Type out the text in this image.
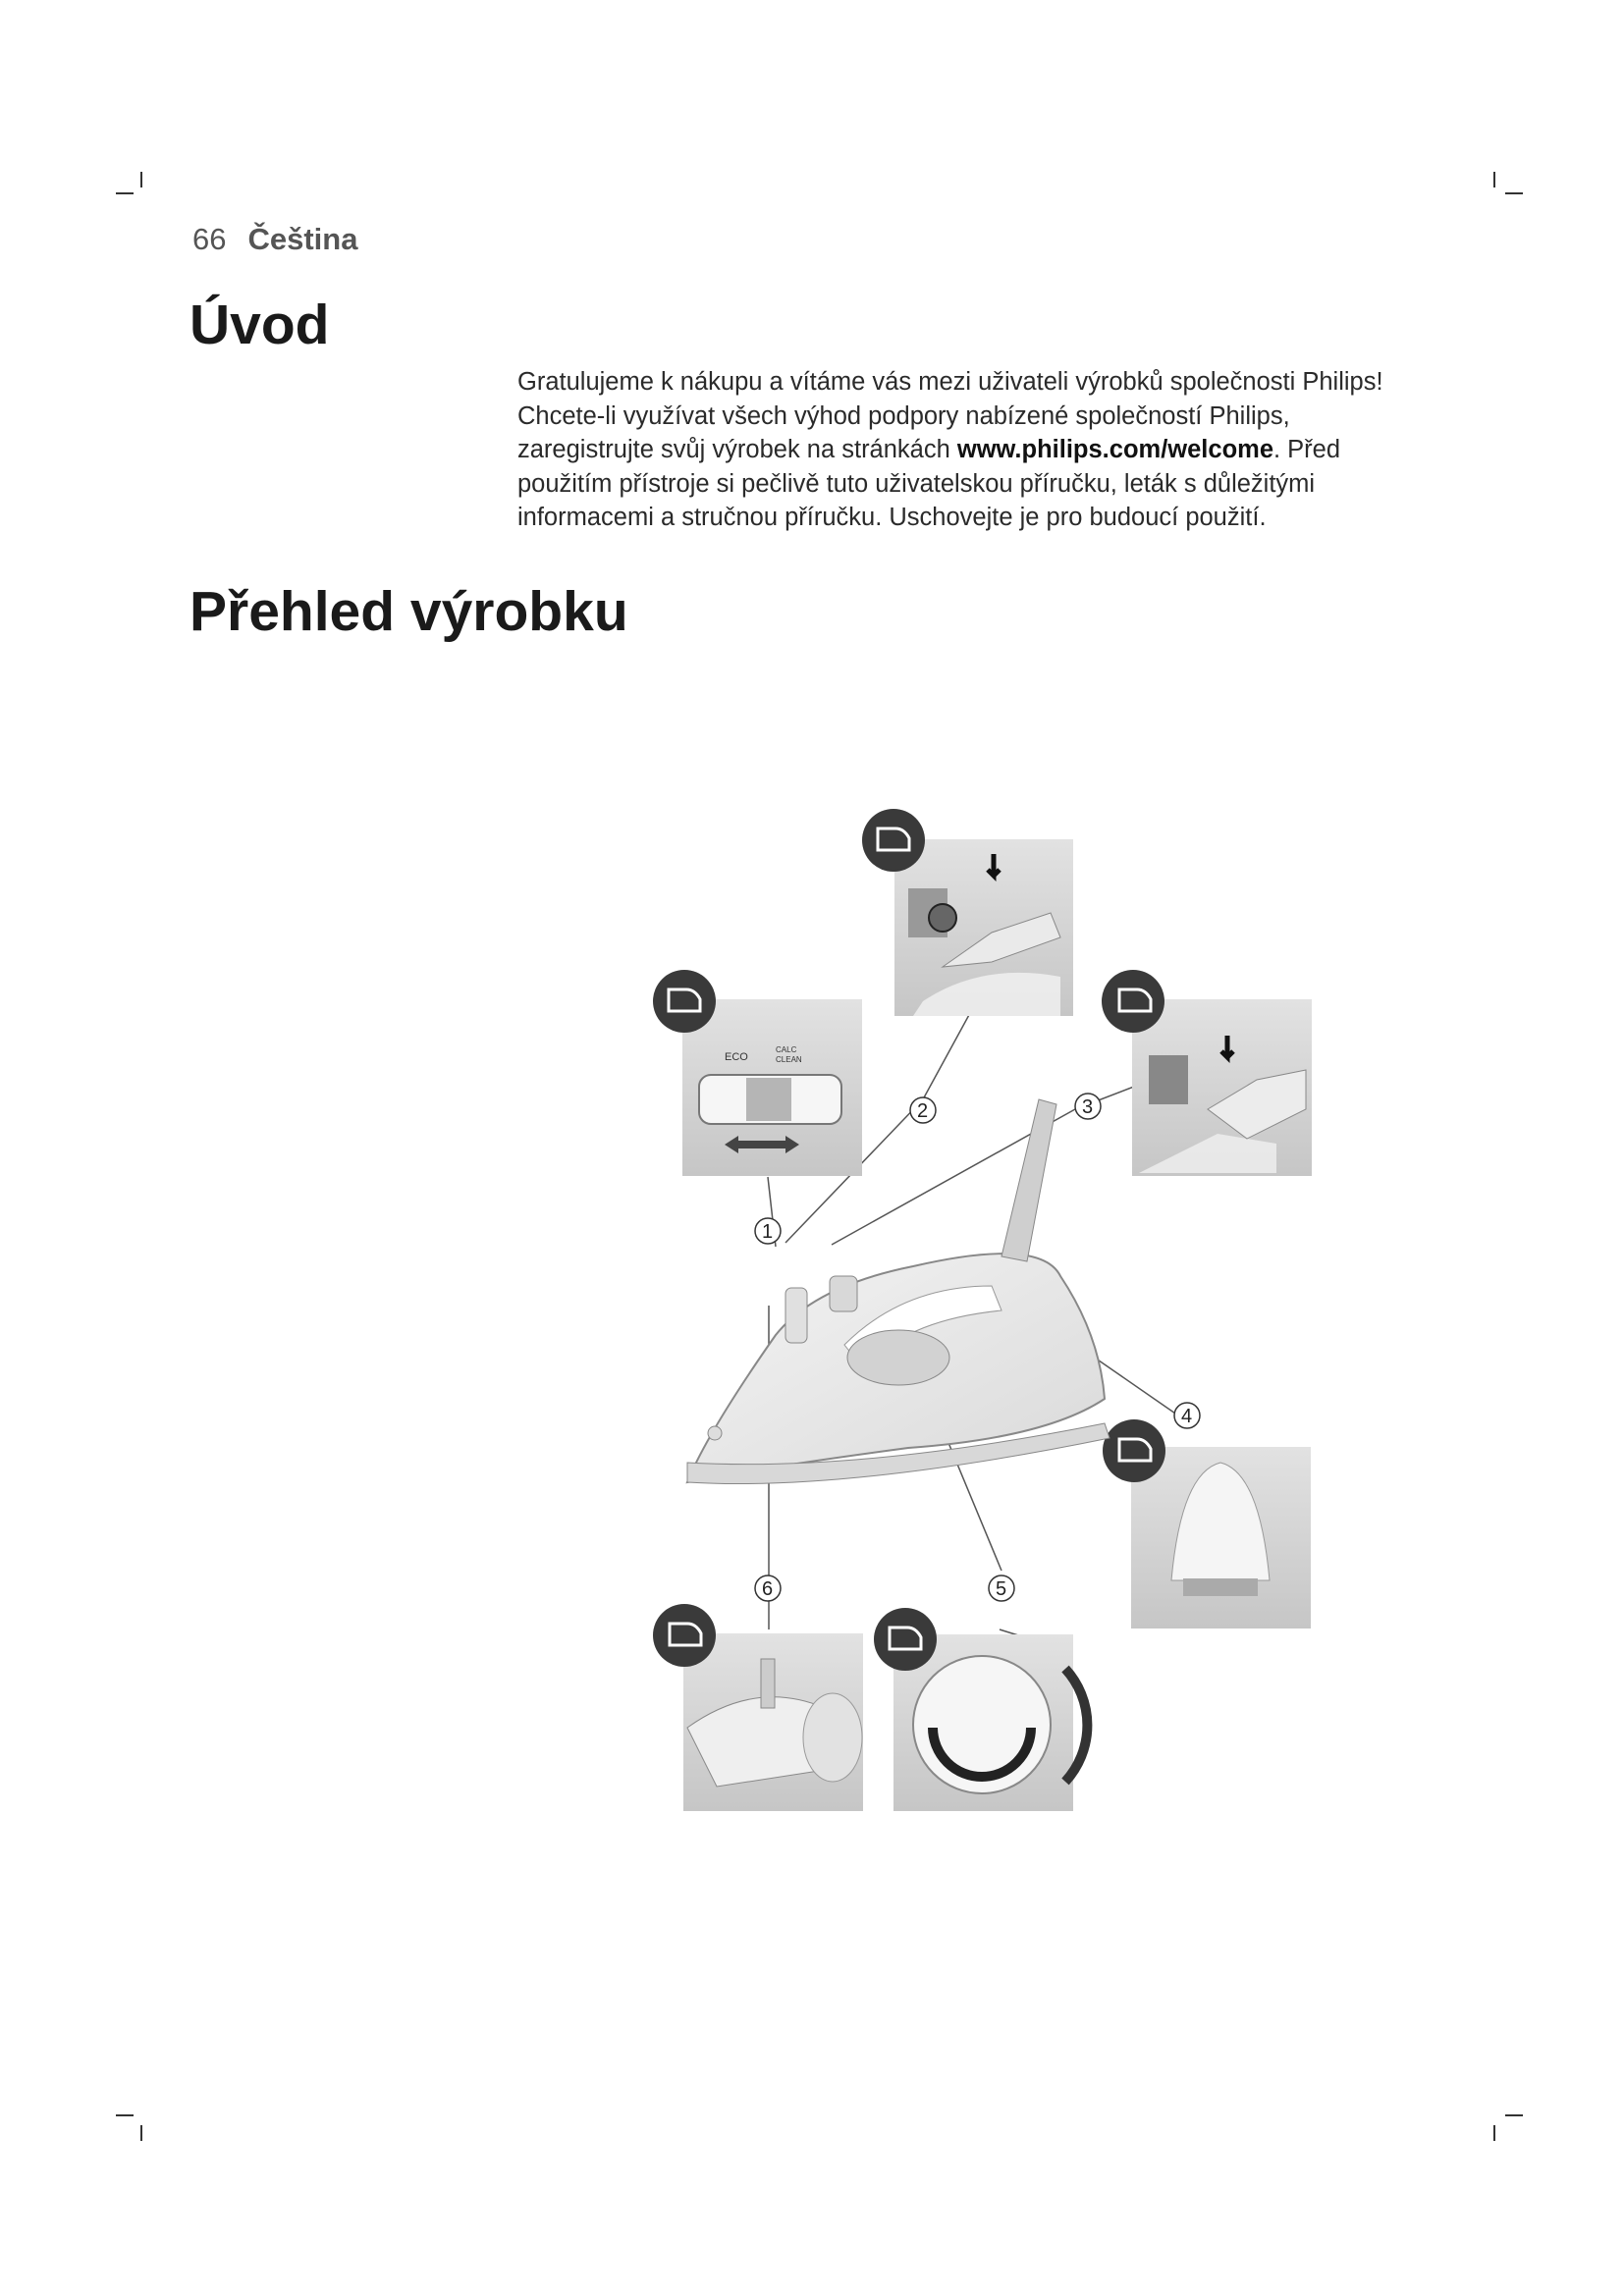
66 Čeština
Úvod

Gratulujeme k nákupu a vítáme vás mezi uživateli výrobků společnosti Philips! Chcete-li využívat všech výhod podpory nabízené společností Philips, zaregistrujte svůj výrobek na stránkách www.philips.com/welcome. Před použitím přístroje si pečlivě tuto uživatelskou příručku, leták s důležitými informacemi a stručnou příručku. Uschovejte je pro budoucí použití.

Přehled výrobku
ECO
CALC
CLEAN
1
2	3
4
5
6
